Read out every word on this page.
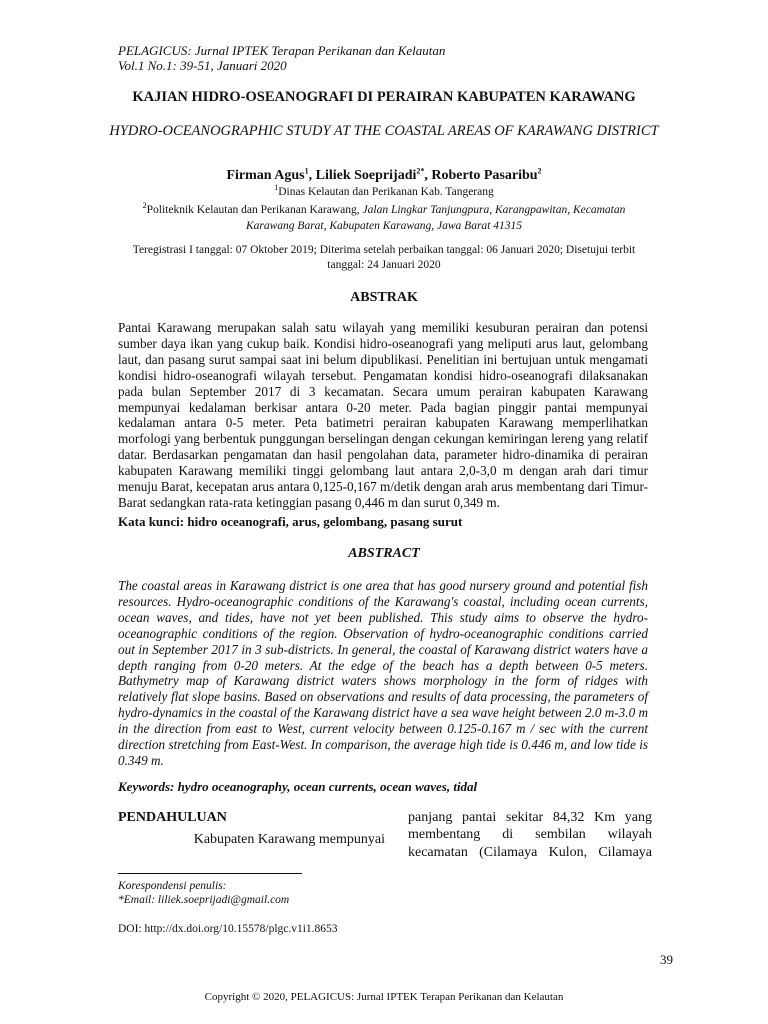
PELAGICUS: Jurnal IPTEK Terapan Perikanan dan Kelautan
Vol.1 No.1: 39-51, Januari 2020
KAJIAN HIDRO-OSEANOGRAFI DI PERAIRAN KABUPATEN KARAWANG
HYDRO-OCEANOGRAPHIC STUDY AT THE COASTAL AREAS OF KARAWANG DISTRICT
Firman Agus$^1$, Liliek Soeprijadi$^{2*}$, Roberto Pasaribu$^2$
$^1$Dinas Kelautan dan Perikanan Kab. Tangerang
$^2$Politeknik Kelautan dan Perikanan Karawang, Jalan Lingkar Tanjungpura, Karangpawitan, Kecamatan
Karawang Barat, Kabupaten Karawang, Jawa Barat 41315
Teregistrasi I tanggal: 07 Oktober 2019; Diterima setelah perbaikan tanggal: 06 Januari 2020; Disetujui terbit tanggal: 24 Januari 2020
ABSTRAK
Pantai Karawang merupakan salah satu wilayah yang memiliki kesuburan perairan dan potensi sumber daya ikan yang cukup baik. Kondisi hidro-oseanografi yang meliputi arus laut, gelombang laut, dan pasang surut sampai saat ini belum dipublikasi. Penelitian ini bertujuan untuk mengamati kondisi hidro-oseanografi wilayah tersebut. Pengamatan kondisi hidro-oseanografi dilaksanakan pada bulan September 2017 di 3 kecamatan. Secara umum perairan kabupaten Karawang mempunyai kedalaman berkisar antara 0-20 meter. Pada bagian pinggir pantai mempunyai kedalaman antara 0-5 meter. Peta batimetri perairan kabupaten Karawang memperlihatkan morfologi yang berbentuk punggungan berselingan dengan cekungan kemiringan lereng yang relatif datar. Berdasarkan pengamatan dan hasil pengolahan data, parameter hidro-dinamika di perairan kabupaten Karawang memiliki tinggi gelombang laut antara 2,0-3,0 m dengan arah dari timur menuju Barat, kecepatan arus antara 0,125-0,167 m/detik dengan arah arus membentang dari Timur-Barat sedangkan rata-rata ketinggian pasang 0,446 m dan surut 0,349 m.
Kata kunci: hidro oceanografi, arus, gelombang, pasang surut
ABSTRACT
The coastal areas in Karawang district is one area that has good nursery ground and potential fish resources. Hydro-oceanographic conditions of the Karawang's coastal, including ocean currents, ocean waves, and tides, have not yet been published. This study aims to observe the hydro-oceanographic conditions of the region. Observation of hydro-oceanographic conditions carried out in September 2017 in 3 sub-districts. In general, the coastal of Karawang district waters have a depth ranging from 0-20 meters. At the edge of the beach has a depth between 0-5 meters. Bathymetry map of Karawang district waters shows morphology in the form of ridges with relatively flat slope basins. Based on observations and results of data processing, the parameters of hydro-dynamics in the coastal of the Karawang district have a sea wave height between 2.0 m-3.0 m in the direction from east to West, current velocity between 0.125-0.167 m / sec with the current direction stretching from East-West. In comparison, the average high tide is 0.446 m, and low tide is 0.349 m.
Keywords: hydro oceanography, ocean currents, ocean waves, tidal
PENDAHULUAN
Kabupaten Karawang mempunyai
panjang pantai sekitar 84,32 Km yang
membentang di sembilan wilayah
kecamatan (Cilamaya Kulon, Cilamaya
Korespondensi penulis:
*Email: liliek.soeprijadi@gmail.com
DOI: http://dx.doi.org/10.15578/plgc.v1i1.8653
39
Copyright © 2020, PELAGICUS: Jurnal IPTEK Terapan Perikanan dan Kelautan
